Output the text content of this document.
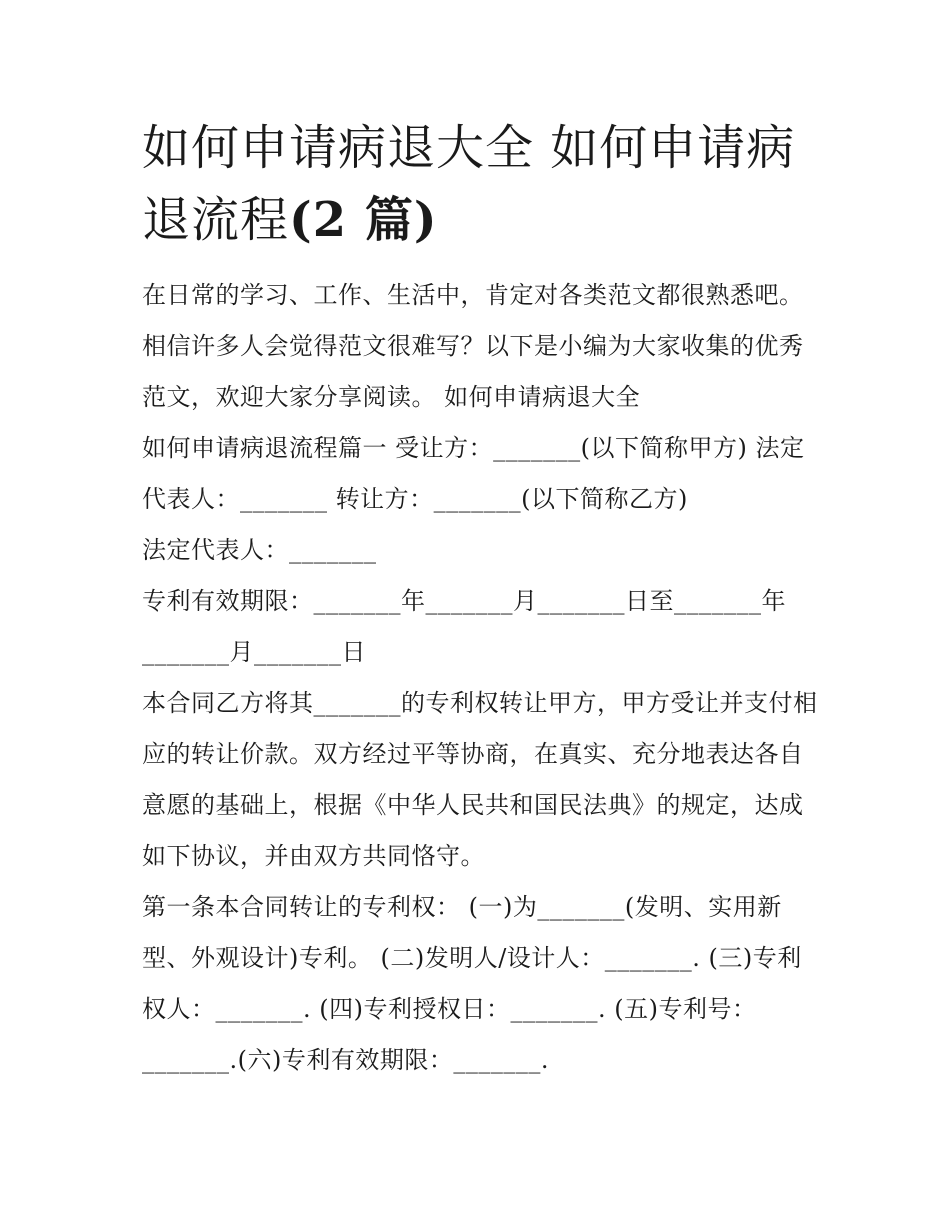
如何申请病退大全 如何申请病退流程(2 篇)

在日常的学习、工作、生活中，肯定对各类范文都很熟悉吧。相信许多人会觉得范文很难写？以下是小编为大家收集的优秀范文，欢迎大家分享阅读。 如何申请病退大全

如何申请病退流程篇一 受让方：_______(以下简称甲方) 法定代表人：_______ 转让方：_______(以下简称乙方)

法定代表人：_______

专利有效期限：_______年_______月_______日至_______年_______月_______日

本合同乙方将其_______的专利权转让甲方，甲方受让并支付相应的转让价款。双方经过平等协商，在真实、充分地表达各自意愿的基础上，根据《中华人民共和国民法典》的规定，达成如下协议，并由双方共同恪守。

第一条本合同转让的专利权： (一)为_______(发明、实用新型、外观设计)专利。 (二)发明人/设计人：_______. (三)专利权人：_______. (四)专利授权日：_______. (五)专利号：_______.(六)专利有效期限：_______.
